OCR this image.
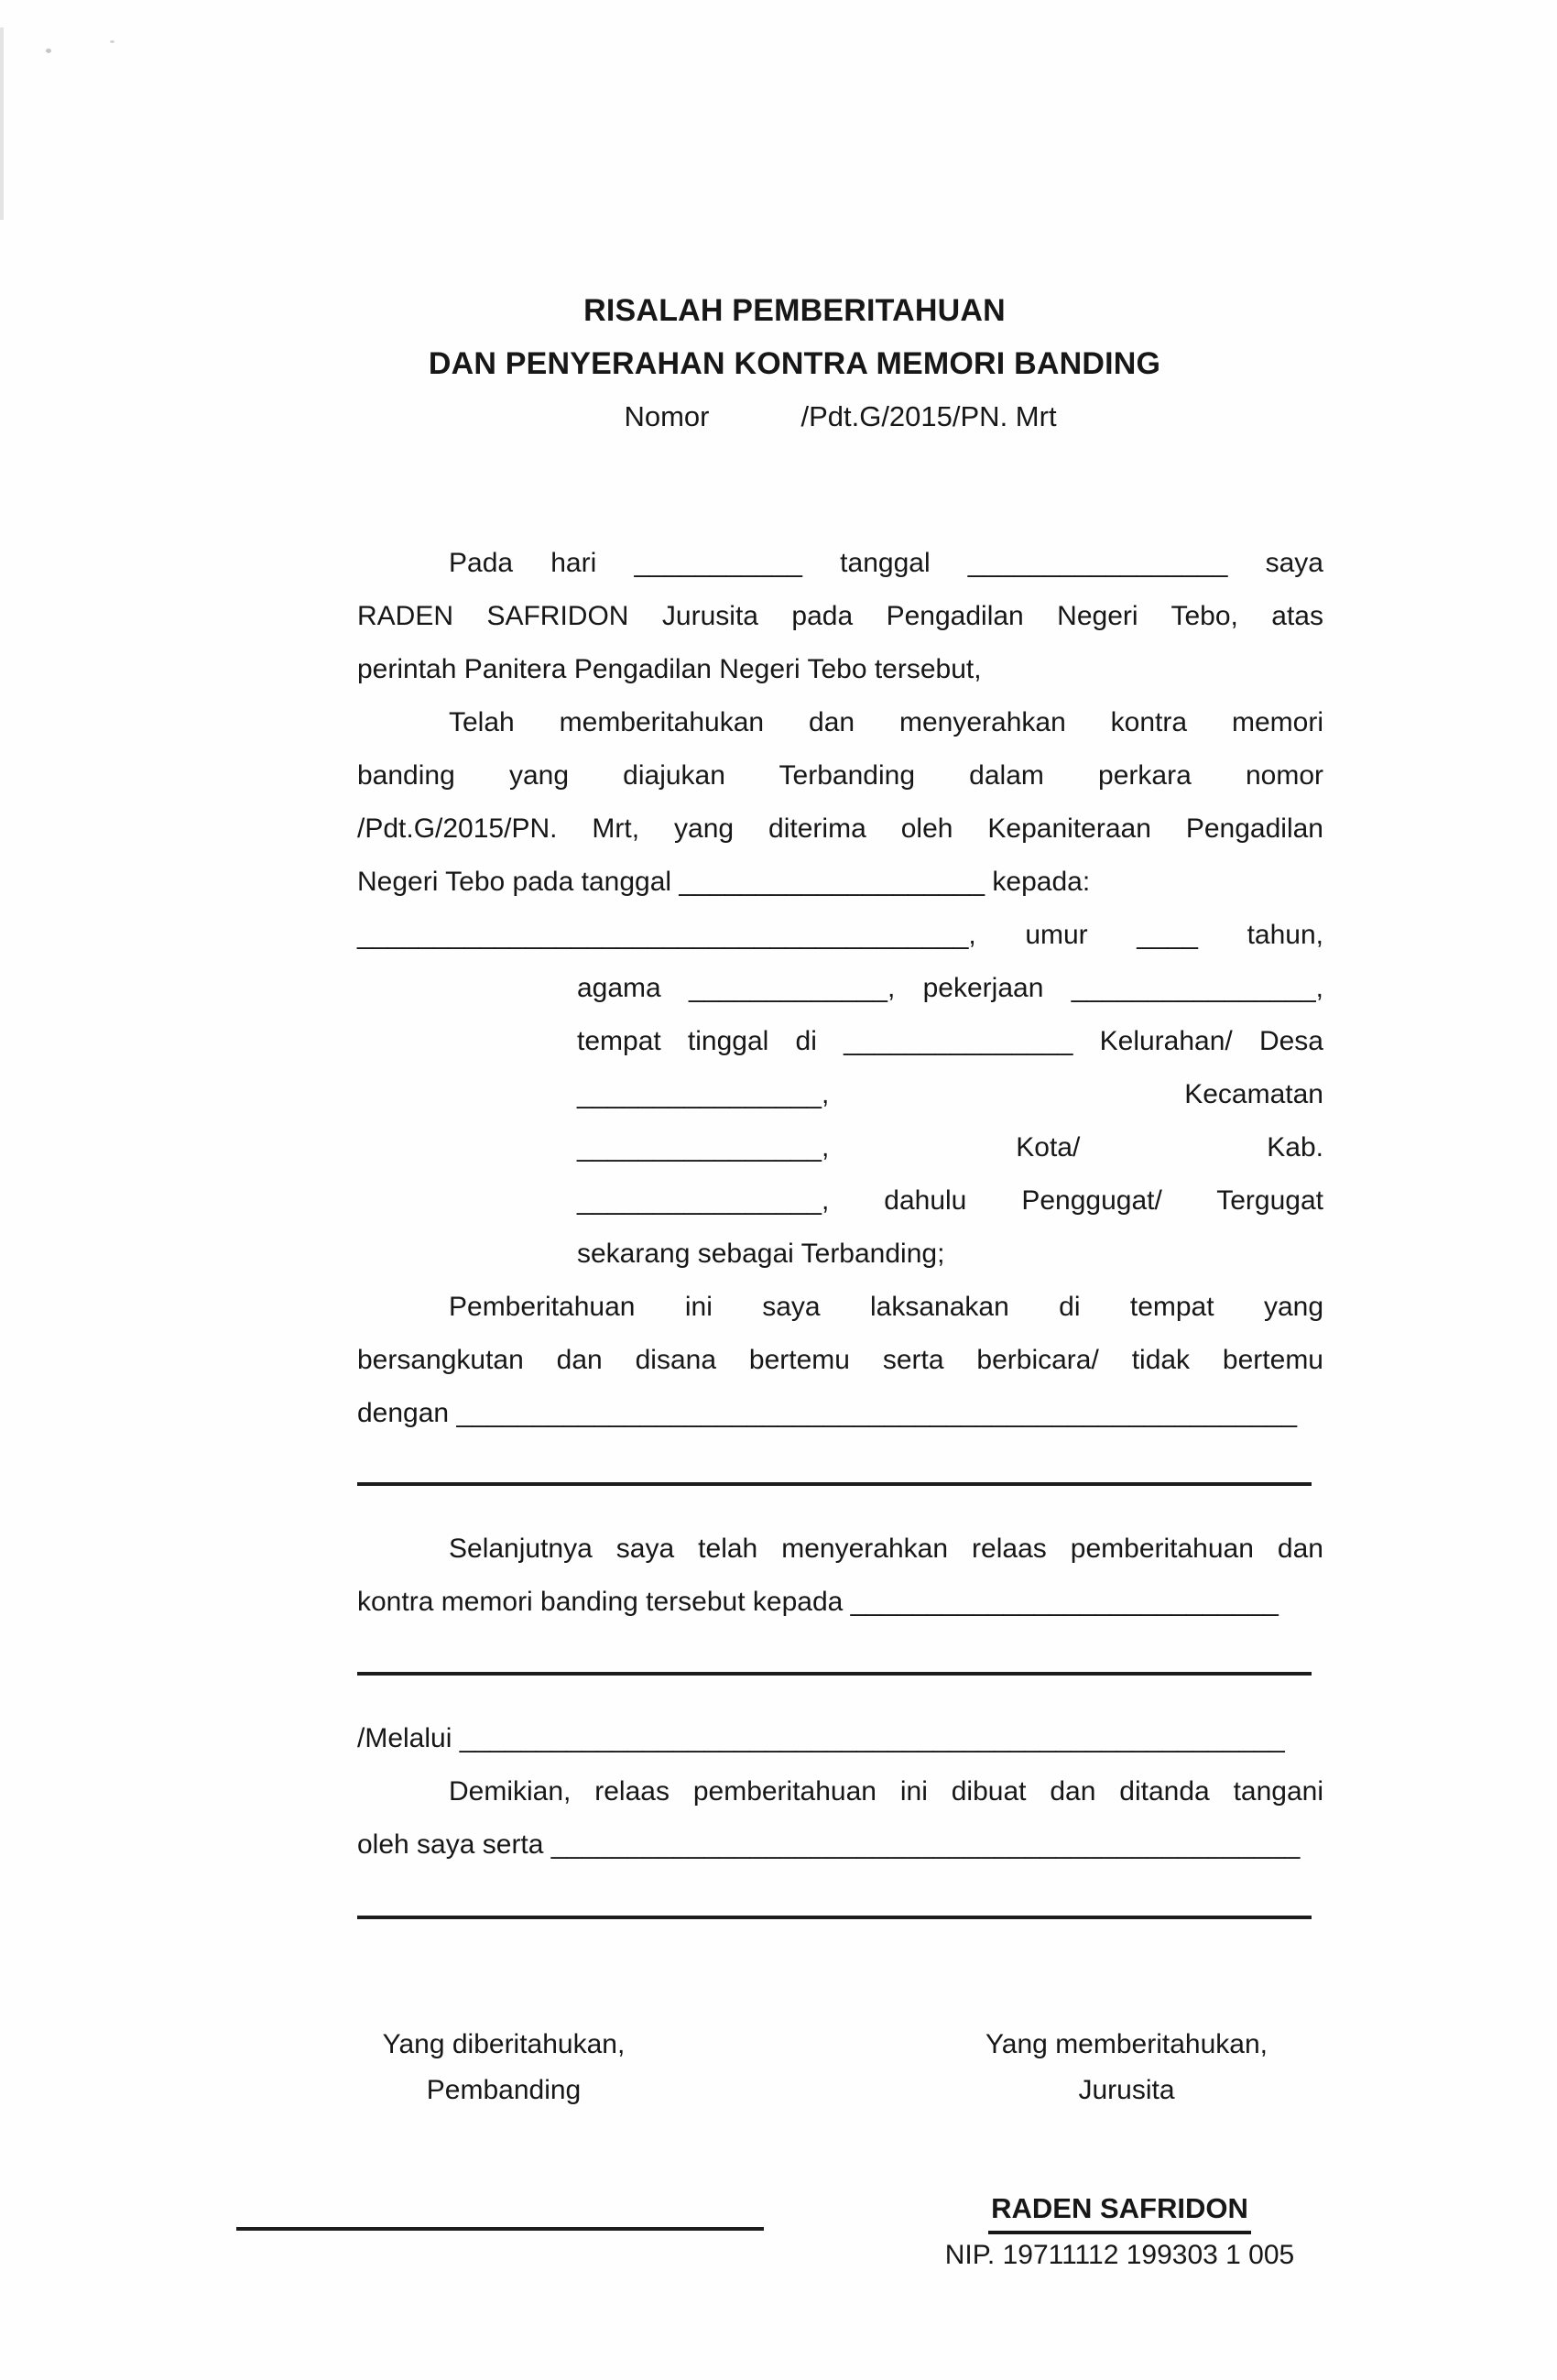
RISALAH PEMBERITAHUAN
DAN PENYERAHAN KONTRA MEMORI BANDING
Nomor	/Pdt.G/2015/PN. Mrt
Pada hari ___________ tanggal _________________ saya
RADEN SAFRIDON Jurusita pada Pengadilan Negeri Tebo, atas
perintah Panitera Pengadilan Negeri Tebo tersebut,
Telah memberitahukan dan menyerahkan kontra memori
banding yang diajukan Terbanding dalam perkara nomor
/Pdt.G/2015/PN. Mrt, yang diterima oleh Kepaniteraan Pengadilan
Negeri Tebo pada tanggal ____________________ kepada:
________________________________________, umur ____ tahun,
agama _____________, pekerjaan ________________,
tempat tinggal di _______________ Kelurahan/ Desa
________________, Kecamatan
________________, Kota/ Kab.
________________, dahulu Penggugat/ Tergugat
sekarang sebagai Terbanding;
Pemberitahuan ini saya laksanakan di tempat yang
bersangkutan dan disana bertemu serta berbicara/ tidak bertemu
dengan _______________________________________________________
Selanjutnya saya telah menyerahkan relaas pemberitahuan dan
kontra memori banding tersebut kepada ____________________________
/Melalui ______________________________________________________
Demikian, relaas pemberitahuan ini dibuat dan ditanda tangani
oleh saya serta _________________________________________________
Yang diberitahukan,
Pembanding
Yang memberitahukan,
Jurusita
RADEN SAFRIDON
NIP. 19711112 199303 1 005
